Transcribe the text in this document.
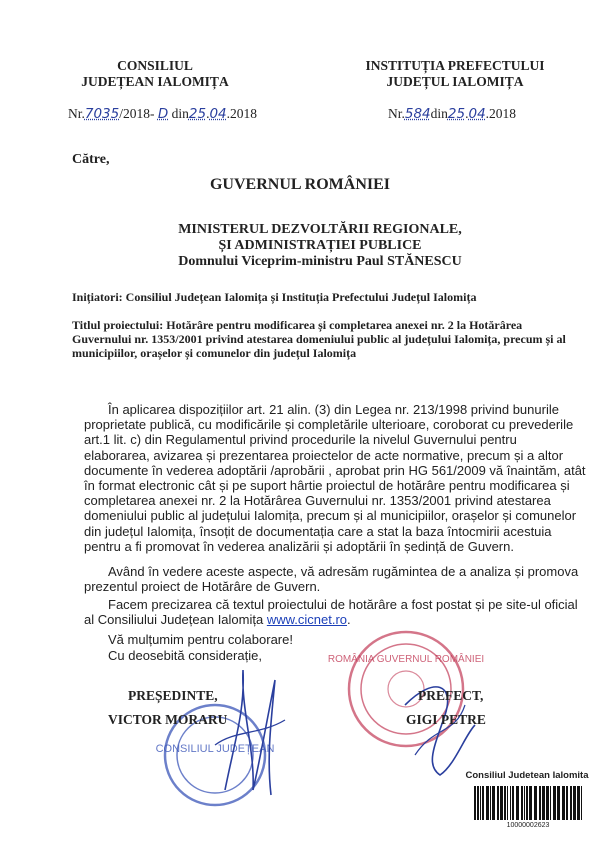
CONSILIUL
JUDEȚEAN IALOMIȚA
INSTITUȚIA PREFECTULUI
JUDEȚUL IALOMIȚA
Nr.7035/2018- D din25.04.2018	Nr.584din25.04.2018
Către,
GUVERNUL ROMÂNIEI
MINISTERUL DEZVOLTĂRII REGIONALE,
ȘI ADMINISTRAȚIEI PUBLICE
Domnului Viceprim-ministru Paul STĂNESCU
Inițiatori: Consiliul Județean Ialomița și Instituția Prefectului Județul Ialomița
Titlul proiectului: Hotărâre pentru modificarea și completarea anexei nr. 2 la Hotărârea
Guvernului nr. 1353/2001 privind atestarea domeniului public al județului Ialomița, precum și al
municipiilor, orașelor și comunelor din județul Ialomița
În aplicarea dispozițiilor art. 21 alin. (3) din Legea nr. 213/1998 privind bunurile
proprietate publică, cu modificările și completările ulterioare, coroborat cu prevederile
art.1 lit. c) din Regulamentul privind procedurile la nivelul Guvernului pentru
elaborarea, avizarea și prezentarea proiectelor de acte normative, precum și a altor
documente în vederea adoptării /aprobării , aprobat prin HG 561/2009 vă înaintăm, atât
în format electronic cât și pe suport hârtie proiectul de hotărâre pentru modificarea și
completarea anexei nr. 2 la Hotărârea Guvernului nr. 1353/2001 privind atestarea
domeniului public al județului Ialomița, precum și al municipiilor, orașelor și comunelor
din județul Ialomița, însoțit de documentația care a stat la baza întocmirii acestuia
pentru a fi promovat în vederea analizării și adoptării în ședință de Guvern.
Având în vedere aceste aspecte, vă adresăm rugămintea de a analiza și promova
prezentul proiect de Hotărâre de Guvern.
Facem precizarea că textul proiectului de hotărâre a fost postat și pe site-ul oficial
al Consiliului Județean Ialomița www.cicnet.ro.
Vă mulțumim pentru colaborare!
Cu deosebită considerație,
CONSILIUL JUDEȚEAN
ROMÂNIA GUVERNUL ROMÂNIEI
PREȘEDINTE,
VICTOR MORARU
PREFECT,
GIGI PETRE
Consiliul Judetean Ialomita
10000002623
